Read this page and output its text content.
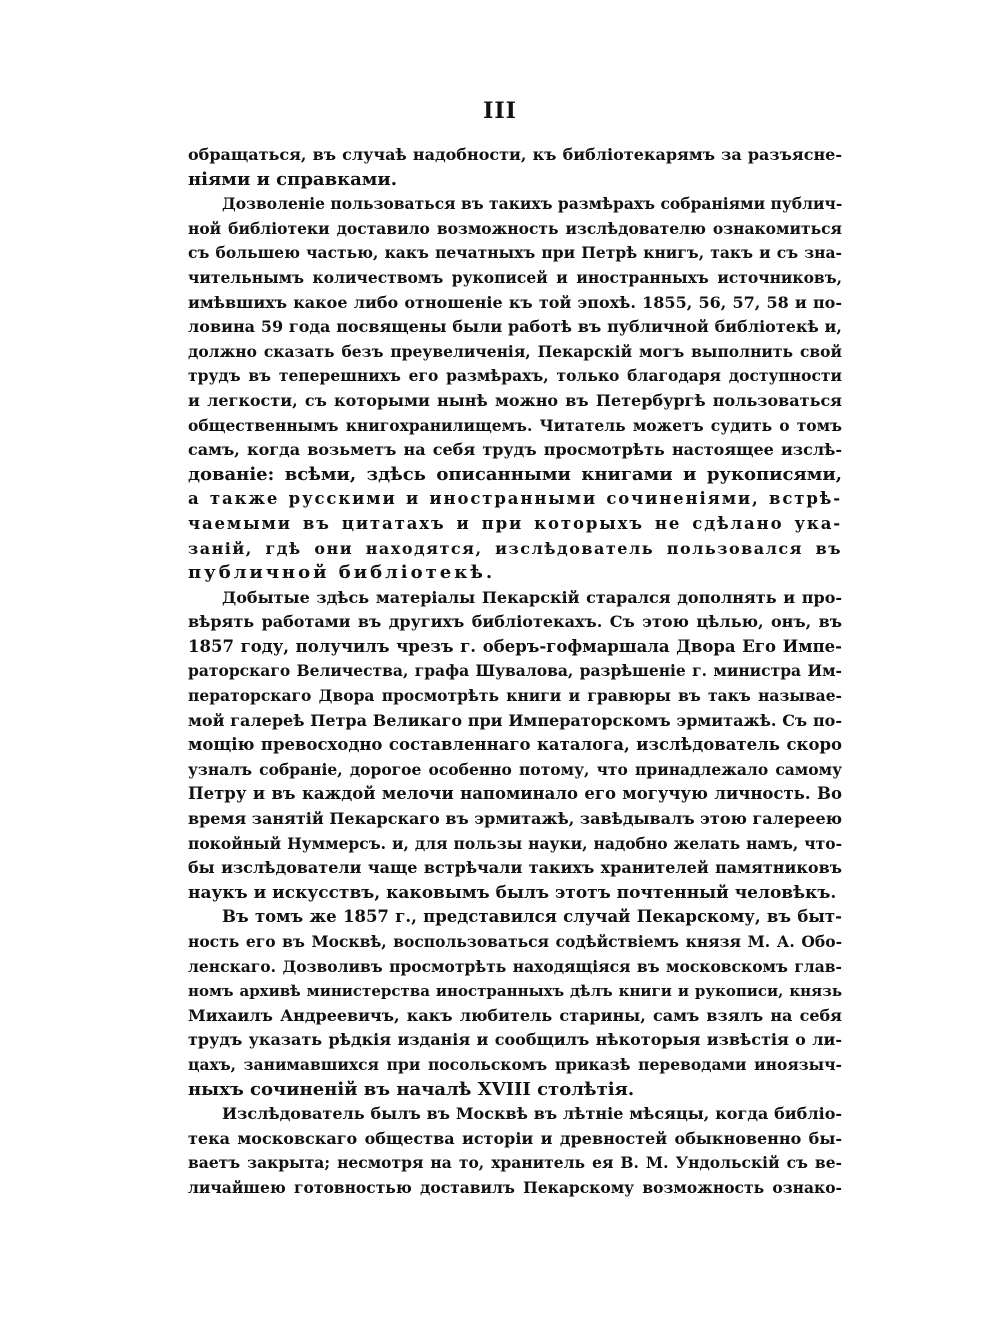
III
обращаться, въ случаѣ надобности, къ библіотекарямъ за разъясне-
ніями и справками.
Дозволеніе пользоваться въ такихъ размѣрахъ собраніями публич-
ной библіотеки доставило возможность изслѣдователю ознакомиться
съ большею частью, какъ печатныхъ при Петрѣ книгъ, такъ и съ зна-
чительнымъ количествомъ рукописей и иностранныхъ источниковъ,
имѣвшихъ какое либо отношеніе къ той эпохѣ. 1855, 56, 57, 58 и по-
ловина 59 года посвящены были работѣ въ публичной библіотекѣ и,
должно сказать безъ преувеличенія, Пекарскій могъ выполнить свой
трудъ въ теперешнихъ его размѣрахъ, только благодаря доступности
и легкости, съ которыми нынѣ можно въ Петербургѣ пользоваться
общественнымъ книгохранилищемъ. Читатель можетъ судить о томъ
самъ, когда возьметъ на себя трудъ просмотрѣть настоящее изслѣ-
дованіе: всѣми, здѣсь описанными книгами и рукописями,
а также русскими и иностранными сочиненіями, встрѣ-
чаемыми въ цитатахъ и при которыхъ не сдѣлано ука-
заній, гдѣ они находятся, изслѣдователь пользовался въ
публичной библіотекѣ.
Добытые здѣсь матеріалы Пекарскій старался дополнять и про-
вѣрять работами въ другихъ библіотекахъ. Съ этою цѣлью, онъ, въ
1857 году, получилъ чрезъ г. оберъ-гофмаршала Двора Его Импе-
раторскаго Величества, графа Шувалова, разрѣшеніе г. министра Им-
ператорскаго Двора просмотрѣть книги и гравюры въ такъ называе-
мой галереѣ Петра Великаго при Императорскомъ эрмитажѣ. Съ по-
мощію превосходно составленнаго каталога, изслѣдователь скоро
узналъ собраніе, дорогое особенно потому, что принадлежало самому
Петру и въ каждой мелочи напоминало его могучую личность. Во
время занятій Пекарскаго въ эрмитажѣ, завѣдывалъ этою галереею
покойный Нуммерсъ. и, для пользы науки, надобно желать намъ, что-
бы изслѣдователи чаще встрѣчали такихъ хранителей памятниковъ
наукъ и искусствъ, каковымъ былъ этотъ почтенный человѣкъ.
Въ томъ же 1857 г., представился случай Пекарскому, въ быт-
ность его въ Москвѣ, воспользоваться содѣйствіемъ князя М. А. Обо-
ленскаго. Дозволивъ просмотрѣть находящіяся въ московскомъ глав-
номъ архивѣ министерства иностранныхъ дѣлъ книги и рукописи, князь
Михаилъ Андреевичъ, какъ любитель старины, самъ взялъ на себя
трудъ указать рѣдкія изданія и сообщилъ нѣкоторыя извѣстія о ли-
цахъ, занимавшихся при посольскомъ приказѣ переводами иноязыч-
ныхъ сочиненій въ началѣ XVIII столѣтія.
Изслѣдователь былъ въ Москвѣ въ лѣтніе мѣсяцы, когда библіо-
тека московскаго общества исторіи и древностей обыкновенно бы-
ваетъ закрыта; несмотря на то, хранитель ея В. М. Ундольскій съ ве-
личайшею готовностью доставилъ Пекарскому возможность ознако-
